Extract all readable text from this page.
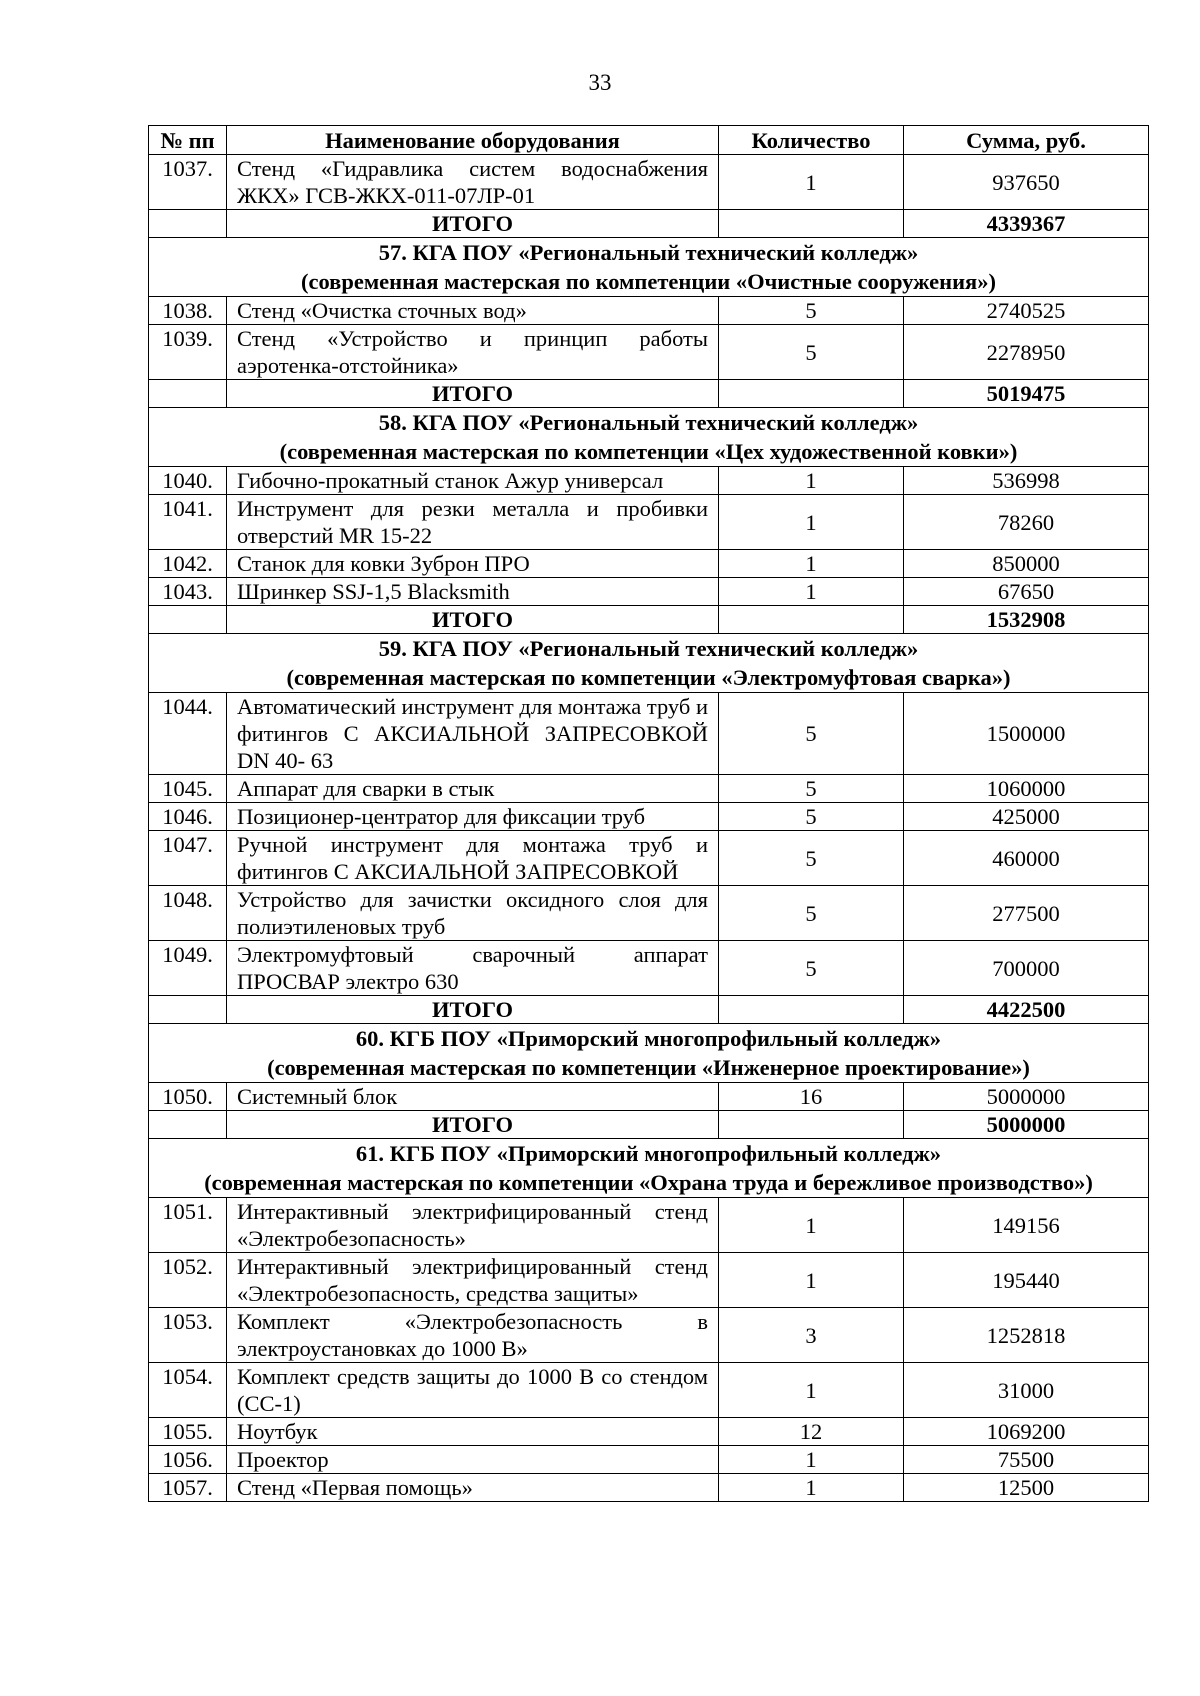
33
№ пп	Наименование оборудования	Количество	Сумма, руб.
1037.	Стенд «Гидравлика систем водоснабжения ЖКХ» ГСВ-ЖКХ-011-07ЛР-01	1	937650
	ИТОГО		4339367

57. КГА ПОУ «Региональный технический колледж»
(современная мастерская по компетенции «Очистные сооружения»)			

1038.	Стенд «Очистка сточных вод»	5	2740525
1039.	Стенд «Устройство и принцип работы аэротенка-отстойника»	5	2278950
	ИТОГО		5019475

58. КГА ПОУ «Региональный технический колледж»
(современная мастерская по компетенции «Цех художественной ковки»)			

1040.	Гибочно-прокатный станок Ажур универсал	1	536998
1041.	Инструмент для резки металла и пробивки отверстий MR 15-22	1	78260
1042.	Станок для ковки Зуброн ПРО	1	850000
1043.	Шринкер SSJ-1,5 Blacksmith	1	67650
	ИТОГО		1532908

59. КГА ПОУ «Региональный технический колледж»
(современная мастерская по компетенции «Электромуфтовая сварка»)			

1044.	Автоматический инструмент для монтажа труб и фитингов С АКСИАЛЬНОЙ ЗАПРЕСОВКОЙ DN 40- 63	5	1500000
1045.	Аппарат для сварки в стык	5	1060000
1046.	Позиционер-центратор для фиксации труб	5	425000
1047.	Ручной инструмент для монтажа труб и фитингов С АКСИАЛЬНОЙ ЗАПРЕСОВКОЙ	5	460000
1048.	Устройство для зачистки оксидного слоя для полиэтиленовых труб	5	277500
1049.	Электромуфтовый сварочный аппарат ПРОСВАР электро 630	5	700000
	ИТОГО		4422500

60. КГБ ПОУ «Приморский многопрофильный колледж»
(современная мастерская по компетенции «Инженерное проектирование»)			

1050.	Системный блок	16	5000000
	ИТОГО		5000000

61. КГБ ПОУ «Приморский многопрофильный колледж»
(современная мастерская по компетенции «Охрана труда и бережливое производство»)			

1051.	Интерактивный электрифицированный стенд «Электробезопасность»	1	149156
1052.	Интерактивный электрифицированный стенд «Электробезопасность, средства защиты»	1	195440
1053.	Комплект «Электробезопасность в электроустановках до 1000 В»	3	1252818
1054.	Комплект средств защиты до 1000 В со стендом (СС-1)	1	31000
1055.	Ноутбук	12	1069200
1056.	Проектор	1	75500
1057.	Стенд «Первая помощь»	1	12500
